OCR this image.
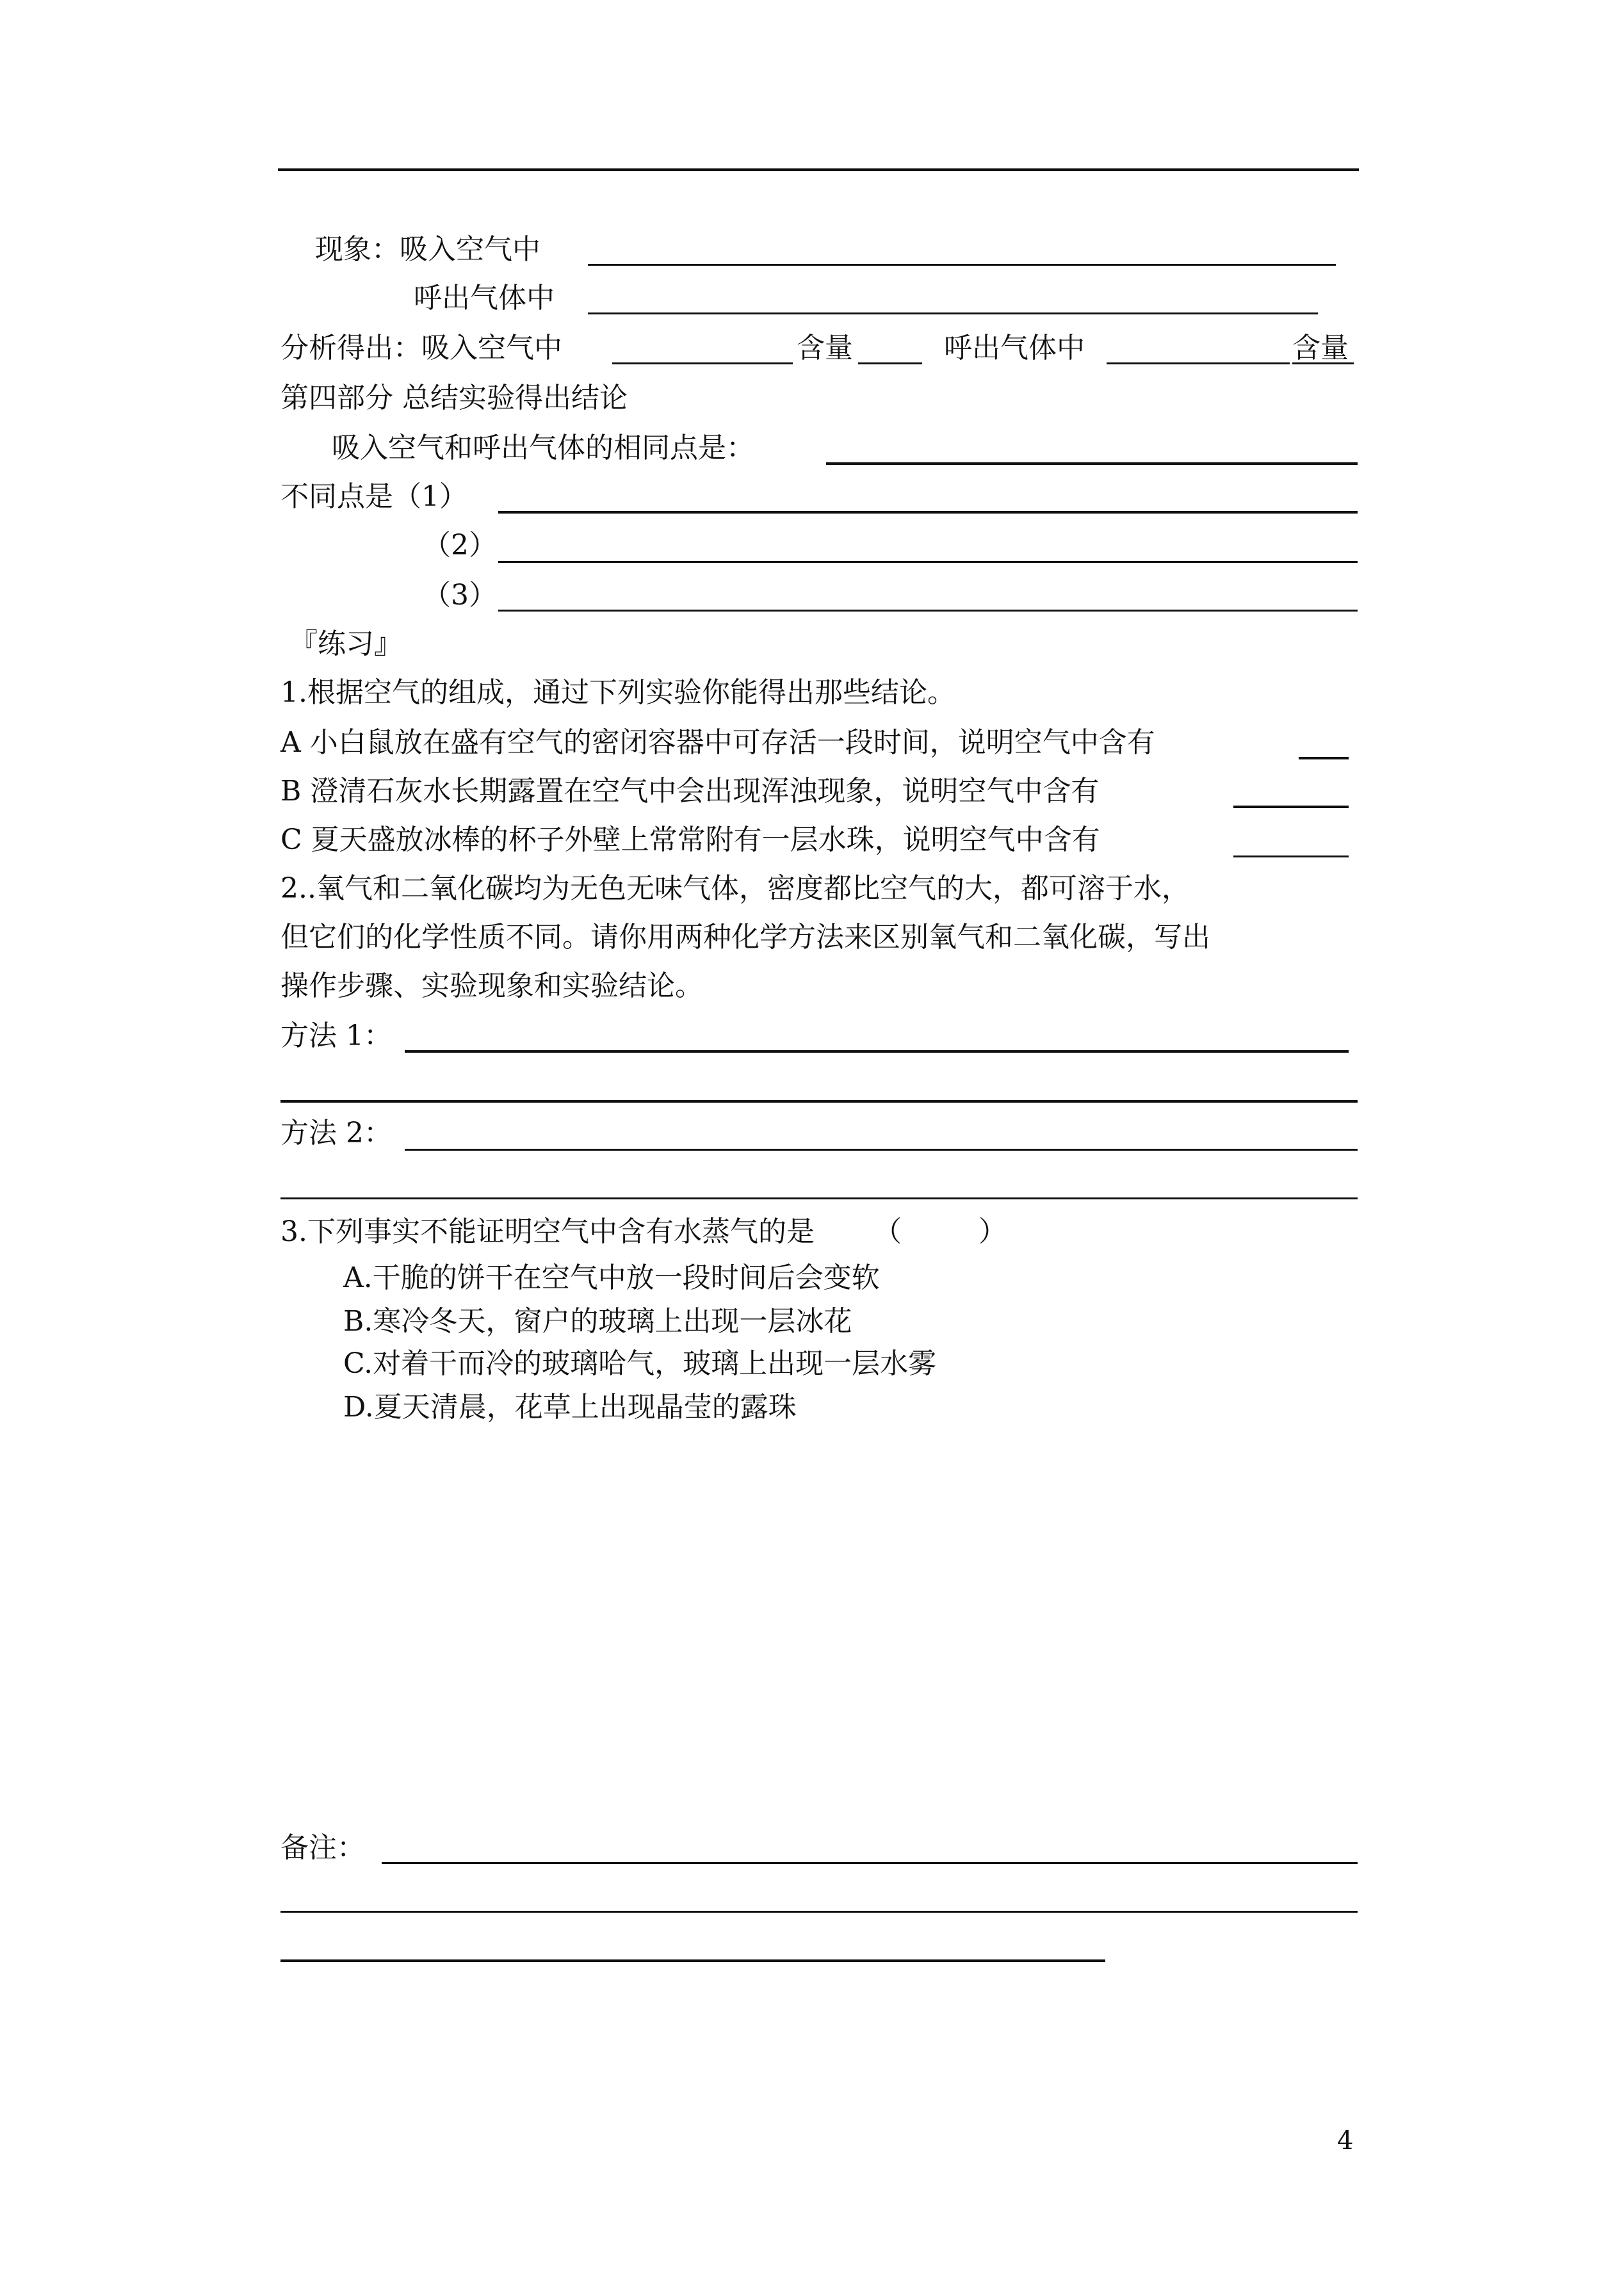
现象：吸入空气中
呼出气体中
分析得出：吸入空气中	含量	呼出气体中	含量
第四部分 总结实验得出结论
吸入空气和呼出气体的相同点是：
不同点是（1）
（2）
（3）
『练习』
1.根据空气的组成，通过下列实验你能得出那些结论。
A 小白鼠放在盛有空气的密闭容器中可存活一段时间，说明空气中含有
B 澄清石灰水长期露置在空气中会出现浑浊现象，说明空气中含有
C 夏天盛放冰棒的杯子外壁上常常附有一层水珠，说明空气中含有
2..氧气和二氧化碳均为无色无味气体，密度都比空气的大，都可溶于水，
但它们的化学性质不同。请你用两种化学方法来区别氧气和二氧化碳，写出
操作步骤、实验现象和实验结论。
方法 1：
方法 2：
3.下列事实不能证明空气中含有水蒸气的是 （	）
A.干脆的饼干在空气中放一段时间后会变软
B.寒冷冬天，窗户的玻璃上出现一层冰花
C.对着干而冷的玻璃哈气，玻璃上出现一层水雾
D.夏天清晨，花草上出现晶莹的露珠
备注：
4
